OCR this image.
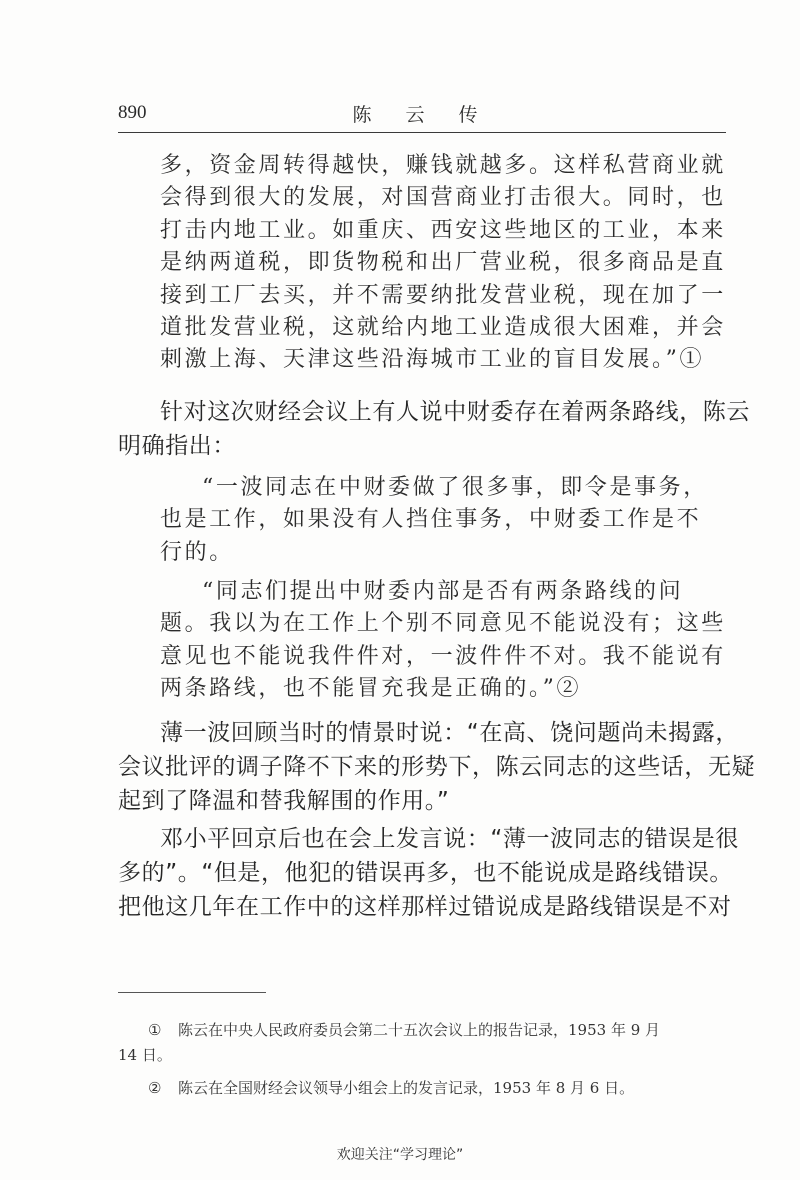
890	陈 云 传
多，资金周转得越快，赚钱就越多。这样私营商业就
会得到很大的发展，对国营商业打击很大。同时，也
打击内地工业。如重庆、西安这些地区的工业，本来
是纳两道税，即货物税和出厂营业税，很多商品是直
接到工厂去买，并不需要纳批发营业税，现在加了一
道批发营业税，这就给内地工业造成很大困难，并会
刺激上海、天津这些沿海城市工业的盲目发展。”①
针对这次财经会议上有人说中财委存在着两条路线，陈云
明确指出：
“一波同志在中财委做了很多事，即令是事务，
也是工作，如果没有人挡住事务，中财委工作是不
行的。
“同志们提出中财委内部是否有两条路线的问
题。我以为在工作上个别不同意见不能说没有；这些
意见也不能说我件件对，一波件件不对。我不能说有
两条路线，也不能冒充我是正确的。”②
薄一波回顾当时的情景时说：“在高、饶问题尚未揭露，
会议批评的调子降不下来的形势下，陈云同志的这些话，无疑
起到了降温和替我解围的作用。”
邓小平回京后也在会上发言说：“薄一波同志的错误是很
多的”。“但是，他犯的错误再多，也不能说成是路线错误。
把他这几年在工作中的这样那样过错说成是路线错误是不对
① 陈云在中央人民政府委员会第二十五次会议上的报告记录，1953 年 9 月
14 日。
② 陈云在全国财经会议领导小组会上的发言记录，1953 年 8 月 6 日。
欢迎关注“学习理论”
